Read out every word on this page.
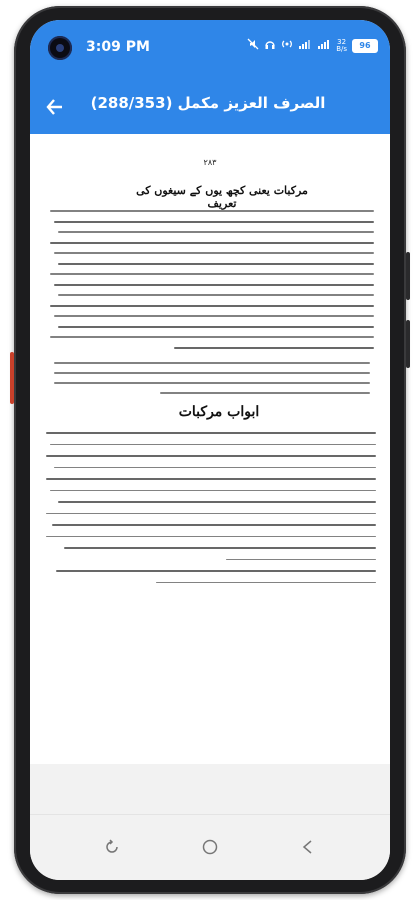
3:09 PM	32
B/s	96
الصرف العزیز مکمل (288/353)
۲۸۳
مرکبات یعنی کچھ یوں کے سیغوں کی تعریف
ابواب مرکبات
